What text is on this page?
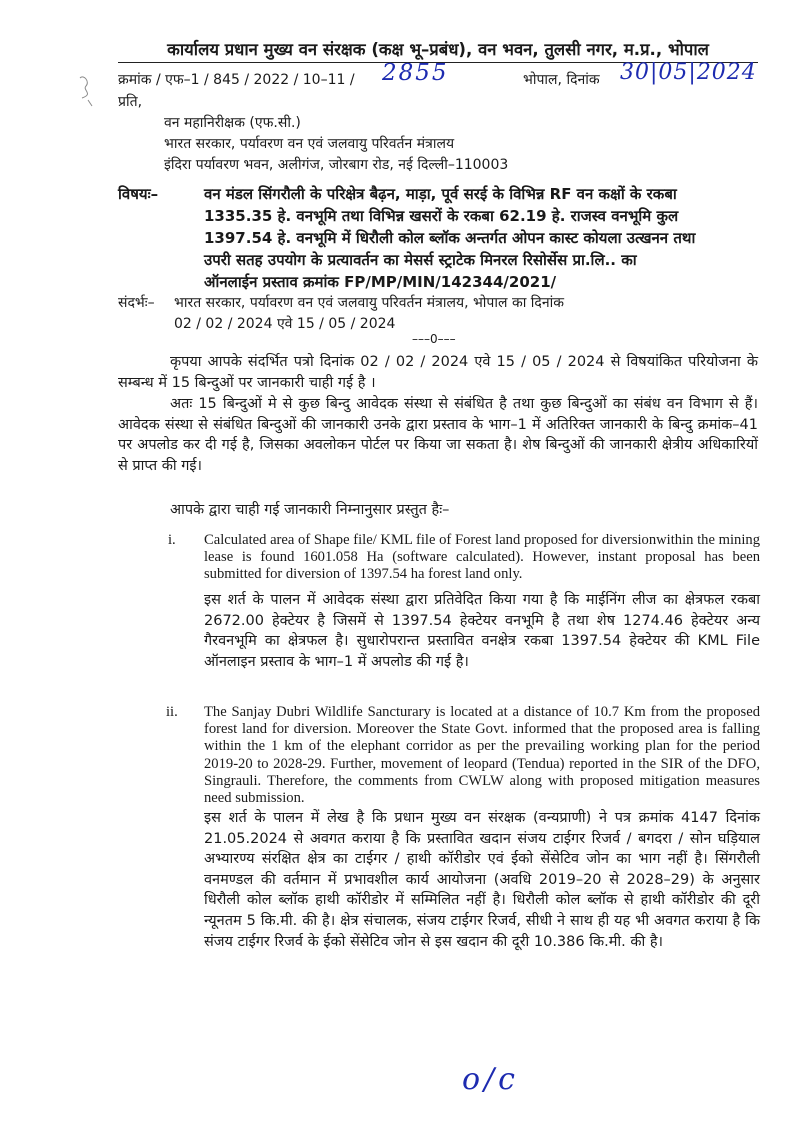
कार्यालय प्रधान मुख्य वन संरक्षक (कक्ष भू–प्रबंध), वन भवन, तुलसी नगर, म.प्र., भोपाल
क्रमांक / एफ–1 / 845 / 2022 / 10–11 / 2855	भोपाल, दिनांक 30|05|2024
प्रति,
वन महानिरीक्षक (एफ.सी.)
भारत सरकार, पर्यावरण वन एवं जलवायु परिवर्तन मंत्रालय
इंदिरा पर्यावरण भवन, अलीगंज, जोरबाग रोड, नई दिल्ली–110003
विषयः–	वन मंडल सिंगरौली के परिक्षेत्र बैढ़न, माड़ा, पूर्व सरई के विभिन्न RF वन कक्षों के रकबा
1335.35 हे. वनभूमि तथा विभिन्न खसरों के रकबा 62.19 हे. राजस्व वनभूमि कुल
1397.54 हे. वनभूमि में धिरौली कोल ब्लॉक अन्तर्गत ओपन कास्ट कोयला उत्खनन तथा
उपरी सतह उपयोग के प्रत्यावर्तन का मेसर्स स्ट्राटेक मिनरल रिसोर्सेस प्रा.लि.. का
ऑनलाईन प्रस्ताव क्रमांक FP/MP/MIN/142344/2021/
संदर्भः– भारत सरकार, पर्यावरण वन एवं जलवायु परिवर्तन मंत्रालय, भोपाल का दिनांक
02 / 02 / 2024 एवे 15 / 05 / 2024
–––0–––
कृपया आपके संदर्भित पत्रो दिनांक 02 / 02 / 2024 एवे 15 / 05 / 2024 से विषयांकित परियोजना के सम्बन्ध में 15 बिन्दुओं पर जानकारी चाही गई है ।
अतः 15 बिन्दुओं मे से कुछ बिन्दु आवेदक संस्था से संबंधित है तथा कुछ बिन्दुओं का संबंध वन विभाग से हैं। आवेदक संस्था से संबंधित बिन्दुओं की जानकारी उनके द्वारा प्रस्ताव के भाग–1 में अतिरिक्त जानकारी के बिन्दु क्रमांक–41 पर अपलोड कर दी गई है, जिसका अवलोकन पोर्टल पर किया जा सकता है। शेष बिन्दुओं की जानकारी क्षेत्रीय अधिकारियों से प्राप्त की गई।
आपके द्वारा चाही गई जानकारी निम्नानुसार प्रस्तुत हैः–
i. Calculated area of Shape file/ KML file of Forest land proposed for diversionwithin the mining lease is found 1601.058 Ha (software calculated). However, instant proposal has been submitted for diversion of 1397.54 ha forest land only.
इस शर्त के पालन में आवेदक संस्था द्वारा प्रतिवेदित किया गया है कि माईनिंग लीज का क्षेत्रफल रकबा 2672.00 हेक्टेयर है जिसमें से 1397.54 हेक्टेयर वनभूमि है तथा शेष 1274.46 हेक्टेयर अन्य गैरवनभूमि का क्षेत्रफल है। सुधारोपरान्त प्रस्तावित वनक्षेत्र रकबा 1397.54 हेक्टेयर की KML File ऑनलाइन प्रस्ताव के भाग–1 में अपलोड की गई है।
ii. The Sanjay Dubri Wildlife Sancturary is located at a distance of 10.7 Km from the proposed forest land for diversion. Moreover the State Govt. informed that the proposed area is falling within the 1 km of the elephant corridor as per the prevailing working plan for the period 2019-20 to 2028-29. Further, movement of leopard (Tendua) reported in the SIR of the DFO, Singrauli. Therefore, the comments from CWLW along with proposed mitigation measures need submission.
इस शर्त के पालन में लेख है कि प्रधान मुख्य वन संरक्षक (वन्यप्राणी) ने पत्र क्रमांक 4147 दिनांक 21.05.2024 से अवगत कराया है कि प्रस्तावित खदान संजय टाईगर रिजर्व / बगदरा / सोन घड़ियाल अभ्यारण्य संरक्षित क्षेत्र का टाईगर / हाथी कॉरीडोर एवं ईको सेंसेटिव जोन का भाग नहीं है। सिंगरौली वनमण्डल की वर्तमान में प्रभावशील कार्य आयोजना (अवधि 2019–20 से 2028–29) के अनुसार धिरौली कोल ब्लॉक हाथी कॉरीडोर में सम्मिलित नहीं है। धिरौली कोल ब्लॉक से हाथी कॉरीडोर की दूरी न्यूनतम 5 कि.मी. की है। क्षेत्र संचालक, संजय टाईगर रिजर्व, सीधी ने साथ ही यह भी अवगत कराया है कि संजय टाईगर रिजर्व के ईको सेंसेटिव जोन से इस खदान की दूरी 10.386 कि.मी. की है।
o/c
